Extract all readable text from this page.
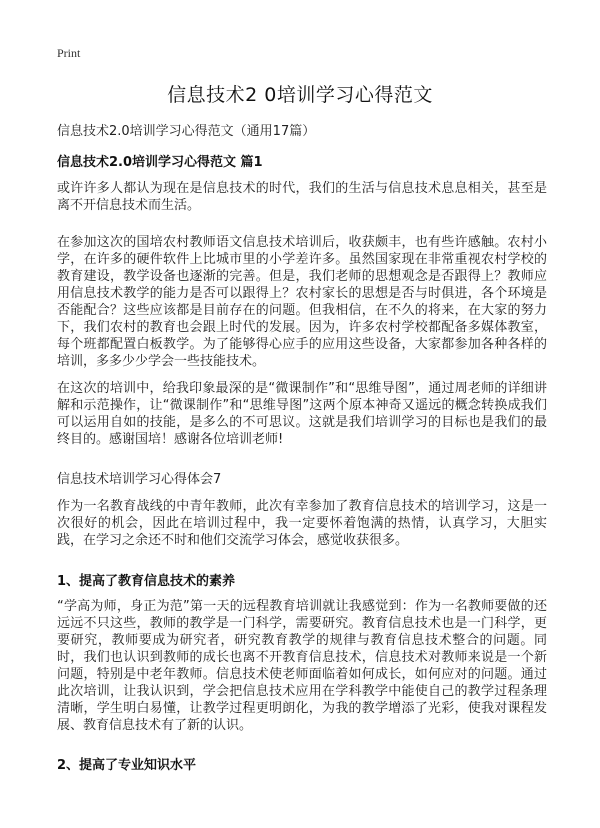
Print
信息技术2 0培训学习心得范文
信息技术2.0培训学习心得范文（通用17篇）
信息技术2.0培训学习心得范文 篇1

或许许多人都认为现在是信息技术的时代，我们的生活与信息技术息息相关，甚至是离不开信息技术而生活。

在参加这次的国培农村教师语文信息技术培训后，收获颇丰，也有些许感触。农村小学，在许多的硬件软件上比城市里的小学差许多。虽然国家现在非常重视农村学校的教育建设，教学设备也逐渐的完善。但是，我们老师的思想观念是否跟得上？教师应用信息技术教学的能力是否可以跟得上？农村家长的思想是否与时俱进，各个环境是否能配合？这些应该都是目前存在的问题。但我相信，在不久的将来，在大家的努力下，我们农村的教育也会跟上时代的发展。因为，许多农村学校都配备多媒体教室，每个班都配置白板教学。为了能够得心应手的应用这些设备，大家都参加各种各样的培训，多多少少学会一些技能技术。

在这次的培训中，给我印象最深的是“微课制作”和“思维导图”，通过周老师的详细讲解和示范操作，让“微课制作”和“思维导图”这两个原本神奇又遥远的概念转换成我们可以运用自如的技能，是多么的不可思议。这就是我们培训学习的目标也是我们的最终目的。感谢国培！感谢各位培训老师!

信息技术培训学习心得体会7

作为一名教育战线的中青年教师，此次有幸参加了教育信息技术的培训学习，这是一次很好的机会，因此在培训过程中，我一定要怀着饱满的热情，认真学习，大胆实践，在学习之余还不时和他们交流学习体会，感觉收获很多。

1、提高了教育信息技术的素养

“学高为师，身正为范”第一天的远程教育培训就让我感觉到：作为一名教师要做的还远远不只这些，教师的教学是一门科学，需要研究。教育信息技术也是一门科学，更要研究，教师要成为研究者，研究教育教学的规律与教育信息技术整合的问题。同时，我们也认识到教师的成长也离不开教育信息技术，信息技术对教师来说是一个新问题，特别是中老年教师。信息技术使老师面临着如何成长，如何应对的问题。通过此次培训，让我认识到，学会把信息技术应用在学科教学中能使自己的教学过程条理清晰，学生明白易懂，让教学过程更明朗化，为我的教学增添了光彩，使我对课程发展、教育信息技术有了新的认识。

2、提高了专业知识水平
